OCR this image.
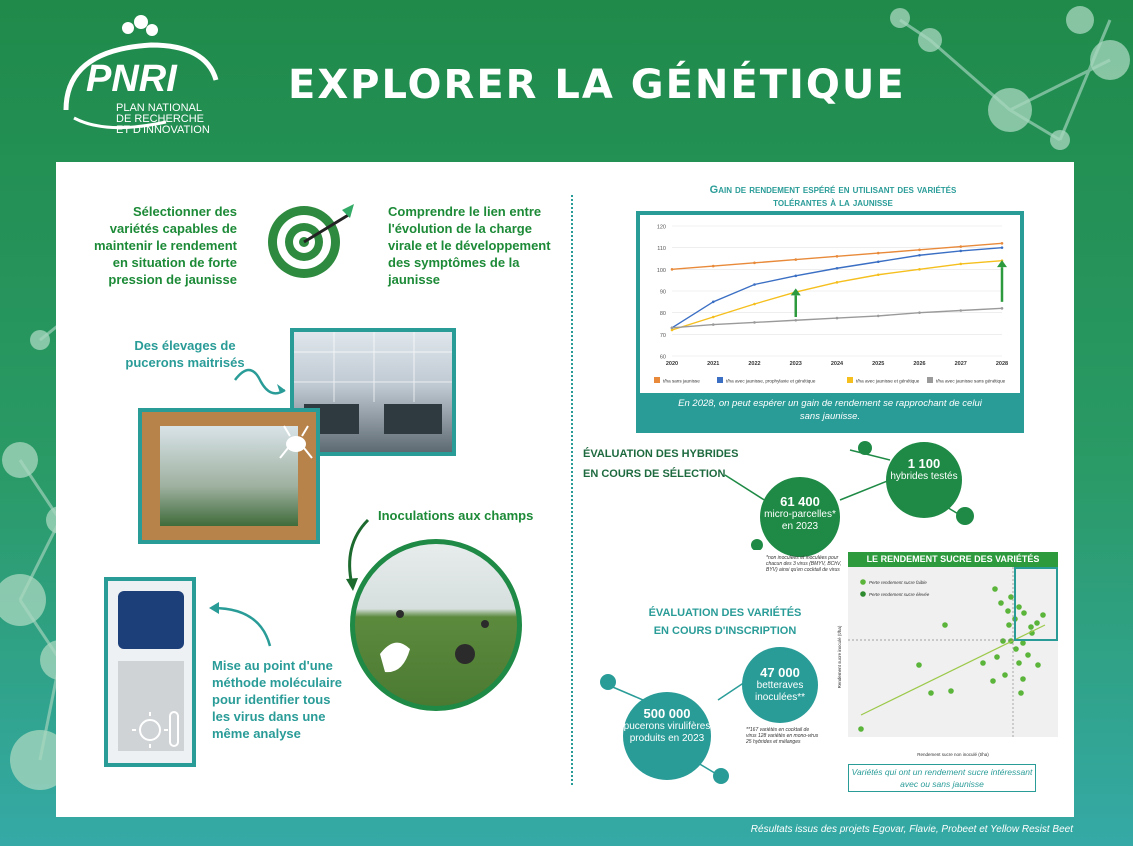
PNRI
PLAN NATIONAL
DE RECHERCHE
ET D'INNOVATION
EXPLORER LA GÉNÉTIQUE
Sélectionner des variétés capables de maintenir le rendement en situation de forte pression de jaunisse
Comprendre le lien entre l'évolution de la charge virale et le développement des symptômes de la jaunisse
Des élevages de pucerons maitrisés
Inoculations aux champs
Mise au point d'une méthode moléculaire pour identifier tous les virus dans une même analyse
Gain de rendement espéré en utilisant des variétés tolérantes à la jaunisse
60
70
80
90
100
110
120
2020	2021	2022	2023	2024	2025	2026	2027	2028
t/ha sans jaunisse	t/ha avec jaunisse, prophylaxie et génétique	t/ha avec jaunisse et génétique	t/ha avec jaunisse sans génétique
En 2028, on peut espérer un gain de rendement se rapprochant de celui sans jaunisse.
ÉVALUATION DES HYBRIDES EN COURS DE SÉLECTION
61 400
micro-parcelles* en 2023
1 100
hybrides testés
*non inoculées et inoculées pour chacun des 3 virus (BMYV, BChV, BYV) ainsi qu'en cocktail de virus
ÉVALUATION DES VARIÉTÉS EN COURS D'INSCRIPTION
47 000
betteraves inoculées**
500 000
pucerons virulifères produits en 2023
**167 variétés en cocktail de virus 128 variétés en mono-virus 25 hybrides et mélanges
LE RENDEMENT SUCRE DES VARIÉTÉS
Perte rendement sucre faible
Perte rendement sucre élevée
Rendement sucre non inoculé (t/ha)
Rendement sucre inoculé (t/ha)
Variétés qui ont un rendement sucre intéressant avec ou sans jaunisse
Résultats issus des projets Egovar, Flavie, Probeet et Yellow Resist Beet
